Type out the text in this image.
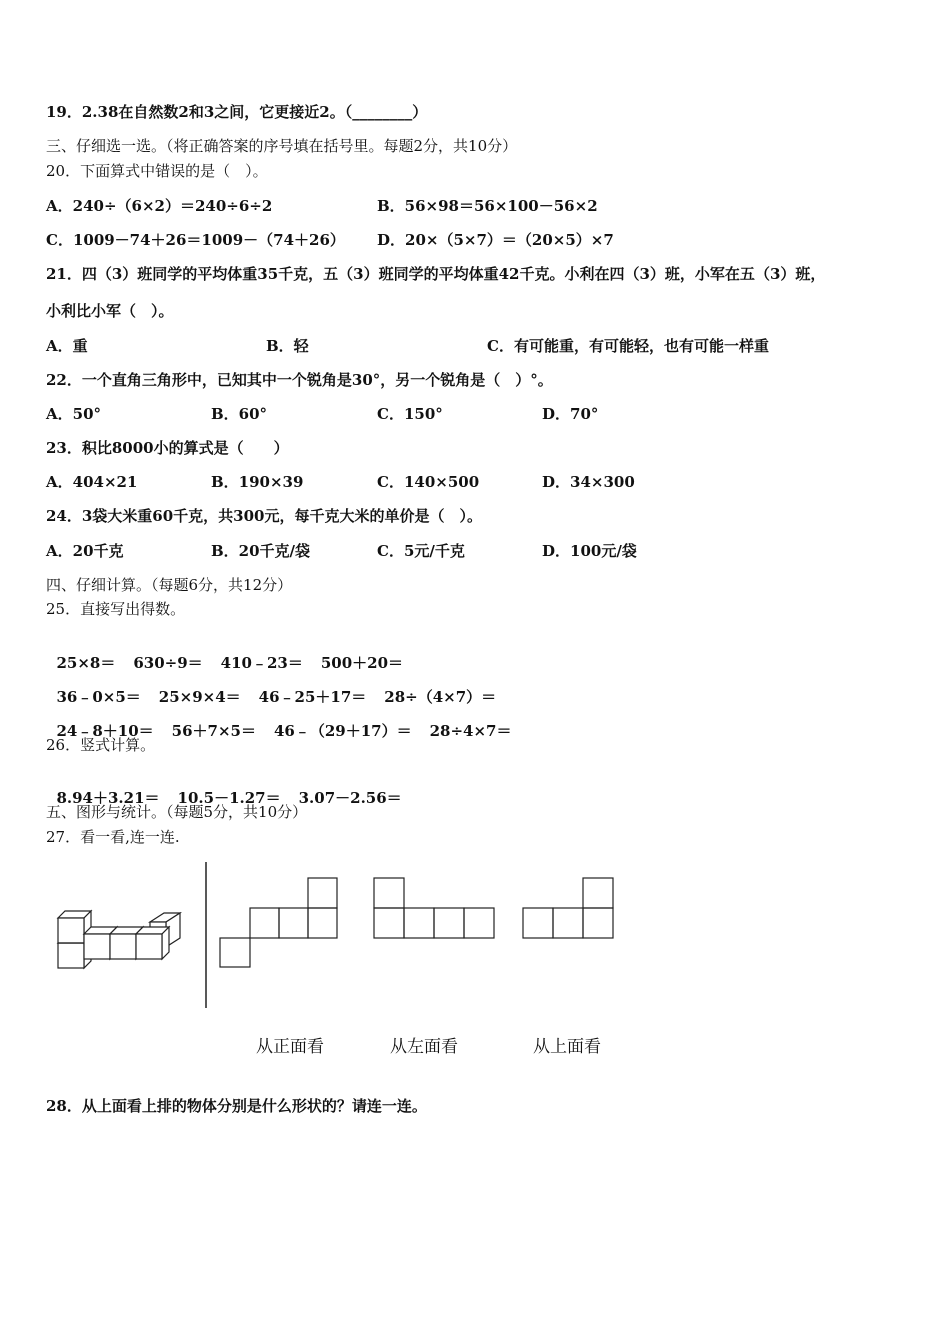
19．2.38在自然数2和3之间，它更接近2。（________）
三、仔细选一选。（将正确答案的序号填在括号里。每题2分，共10分）
20．下面算式中错误的是（　）。
A．240÷（6×2）＝240÷6÷2	B．56×98＝56×100－56×2
C．1009－74＋26＝1009－（74＋26） D．20×（5×7）＝（20×5）×7
21．四（3）班同学的平均体重35千克，五（3）班同学的平均体重42千克。小利在四（3）班，小军在五（3）班，
小利比小军（　）。
A．重	B．轻	C．有可能重，有可能轻，也有可能一样重
22．一个直角三角形中，已知其中一个锐角是30°，另一个锐角是（　）°。
A．50°	B．60°	C．150°	D．70°
23．积比8000小的算式是（　　）
A．404×21	B．190×39	C．140×500	D．34×300
24．3袋大米重60千克，共300元，每千克大米的单价是（　）。
A．20千克	B．20千克/袋	C．5元/千克	D．100元/袋
四、仔细计算。（每题6分，共12分）
25．直接写出得数。

25×8＝ 630÷9＝ 410﹣23＝ 500＋20＝

36﹣0×5＝ 25×9×4＝ 46﹣25＋17＝ 28÷（4×7）＝

24﹣8＋10＝ 56＋7×5＝ 46﹣（29＋17）＝ 28÷4×7＝

26．竖式计算。

8.94＋3.21＝ 10.5－1.27＝ 3.07－2.56＝

五、图形与统计。（每题5分，共10分）
27．看一看,连一连.
从正面看	从左面看	从上面看
28．从上面看上排的物体分别是什么形状的？请连一连。
